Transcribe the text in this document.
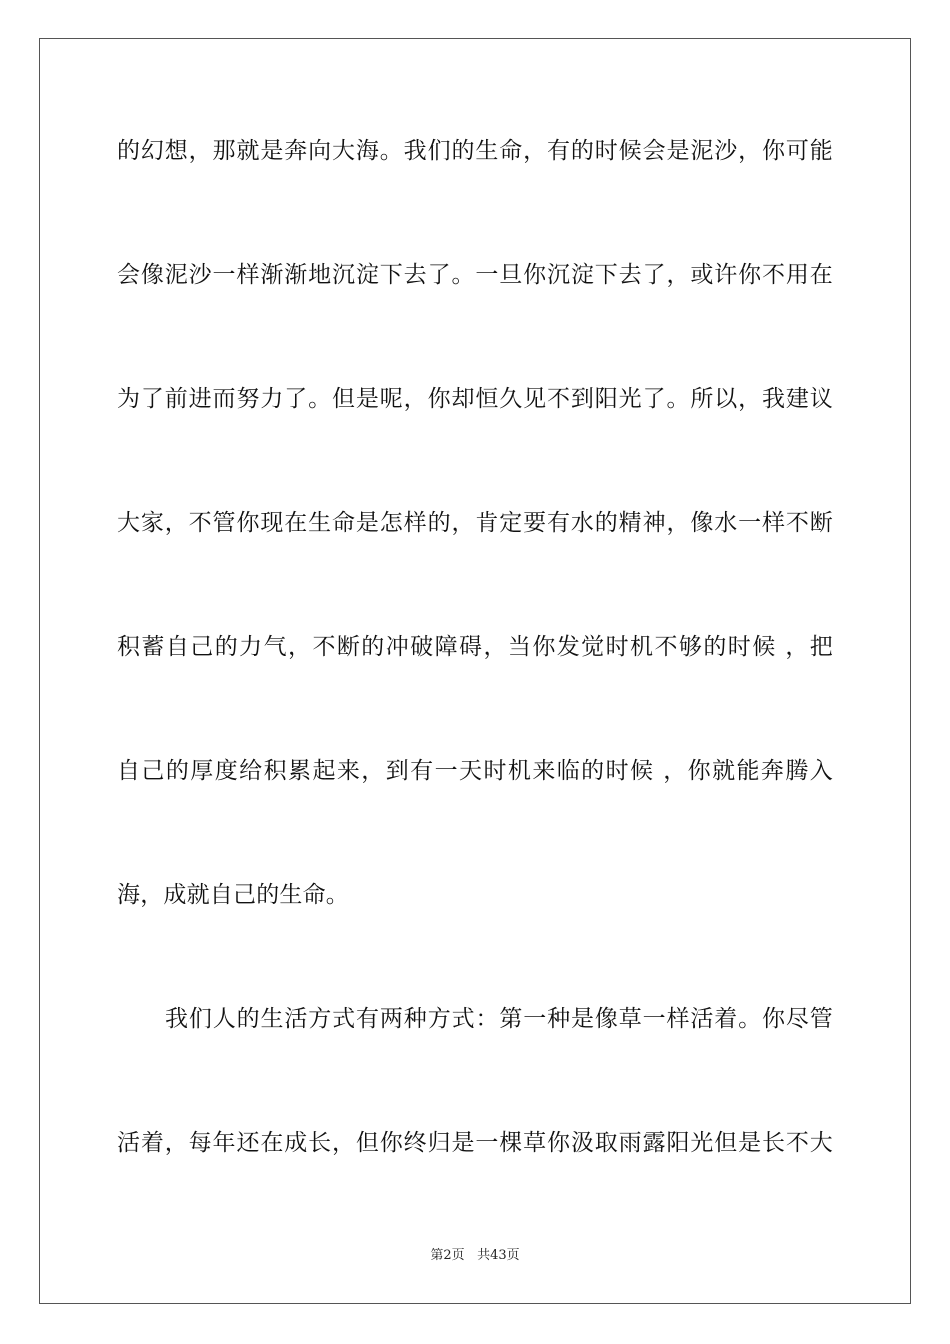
的幻想，那就是奔向大海。我们的生命，有的时候会是泥沙，你可能
会像泥沙一样渐渐地沉淀下去了。一旦你沉淀下去了，或许你不用在
为了前进而努力了。但是呢，你却恒久见不到阳光了。所以，我建议
大家，不管你现在生命是怎样的，肯定要有水的精神，像水一样不断
积蓄自己的力气，不断的冲破障碍，当你发觉时机不够的时候 ，把
自己的厚度给积累起来，到有一天时机来临的时候 ，你就能奔腾入
海，成就自己的生命。
我们人的生活方式有两种方式：第一种是像草一样活着。你尽管
活着，每年还在成长，但你终归是一棵草你汲取雨露阳光但是长不大
第2页 共43页
